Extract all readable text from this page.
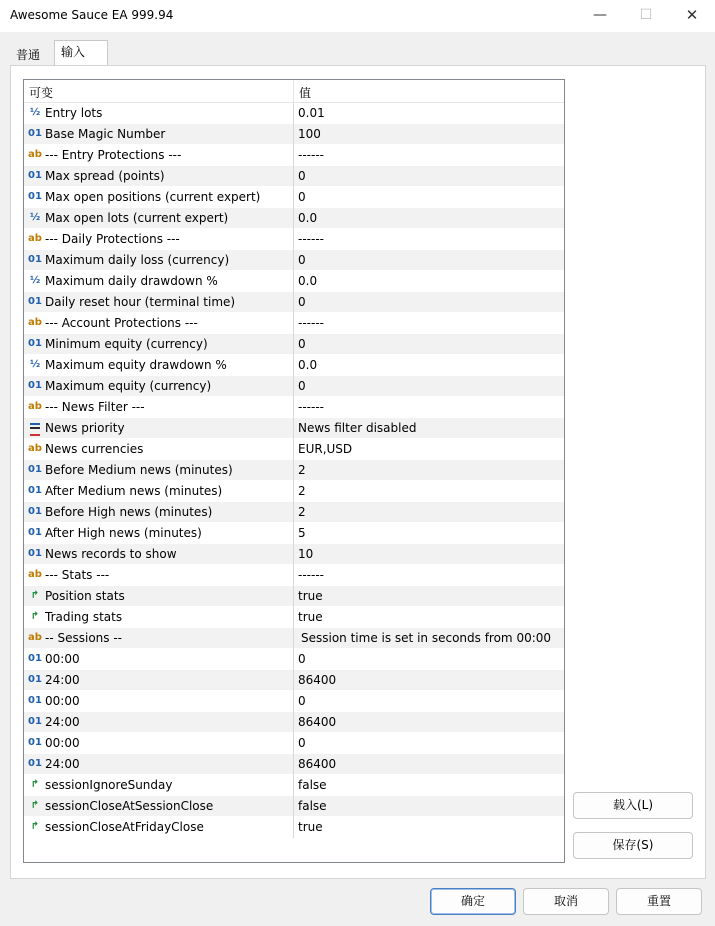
Awesome Sauce EA 999.94	—	☐	✕
普通	输入
可变	值
½ Entry lots	0.01
01 Base Magic Number	100
ab --- Entry Protections ---	------
01 Max spread (points)	0
01 Max open positions (current expert)	0
½ Max open lots (current expert)	0.0
ab --- Daily Protections ---	------
01 Maximum daily loss (currency)	0
½ Maximum daily drawdown %	0.0
01 Daily reset hour (terminal time)	0
ab --- Account Protections ---	------
01 Minimum equity (currency)	0
½ Maximum equity drawdown %	0.0
01 Maximum equity (currency)	0
ab --- News Filter ---	------
News priority	News filter disabled
ab News currencies	EUR,USD
01 Before Medium news (minutes)	2
01 After Medium news (minutes)	2
01 Before High news (minutes)	2
01 After High news (minutes)	5
01 News records to show	10
ab --- Stats ---	------
↱ Position stats	true
↱ Trading stats	true
ab -- Sessions --	Session time is set in seconds from 00:00
01 00:00	0
01 24:00	86400
01 00:00	0
01 24:00	86400
01 00:00	0
01 24:00	86400
↱ sessionIgnoreSunday	false
↱ sessionCloseAtSessionClose	false
↱ sessionCloseAtFridayClose	true
载入(L)
保存(S)
确定	取消	重置
